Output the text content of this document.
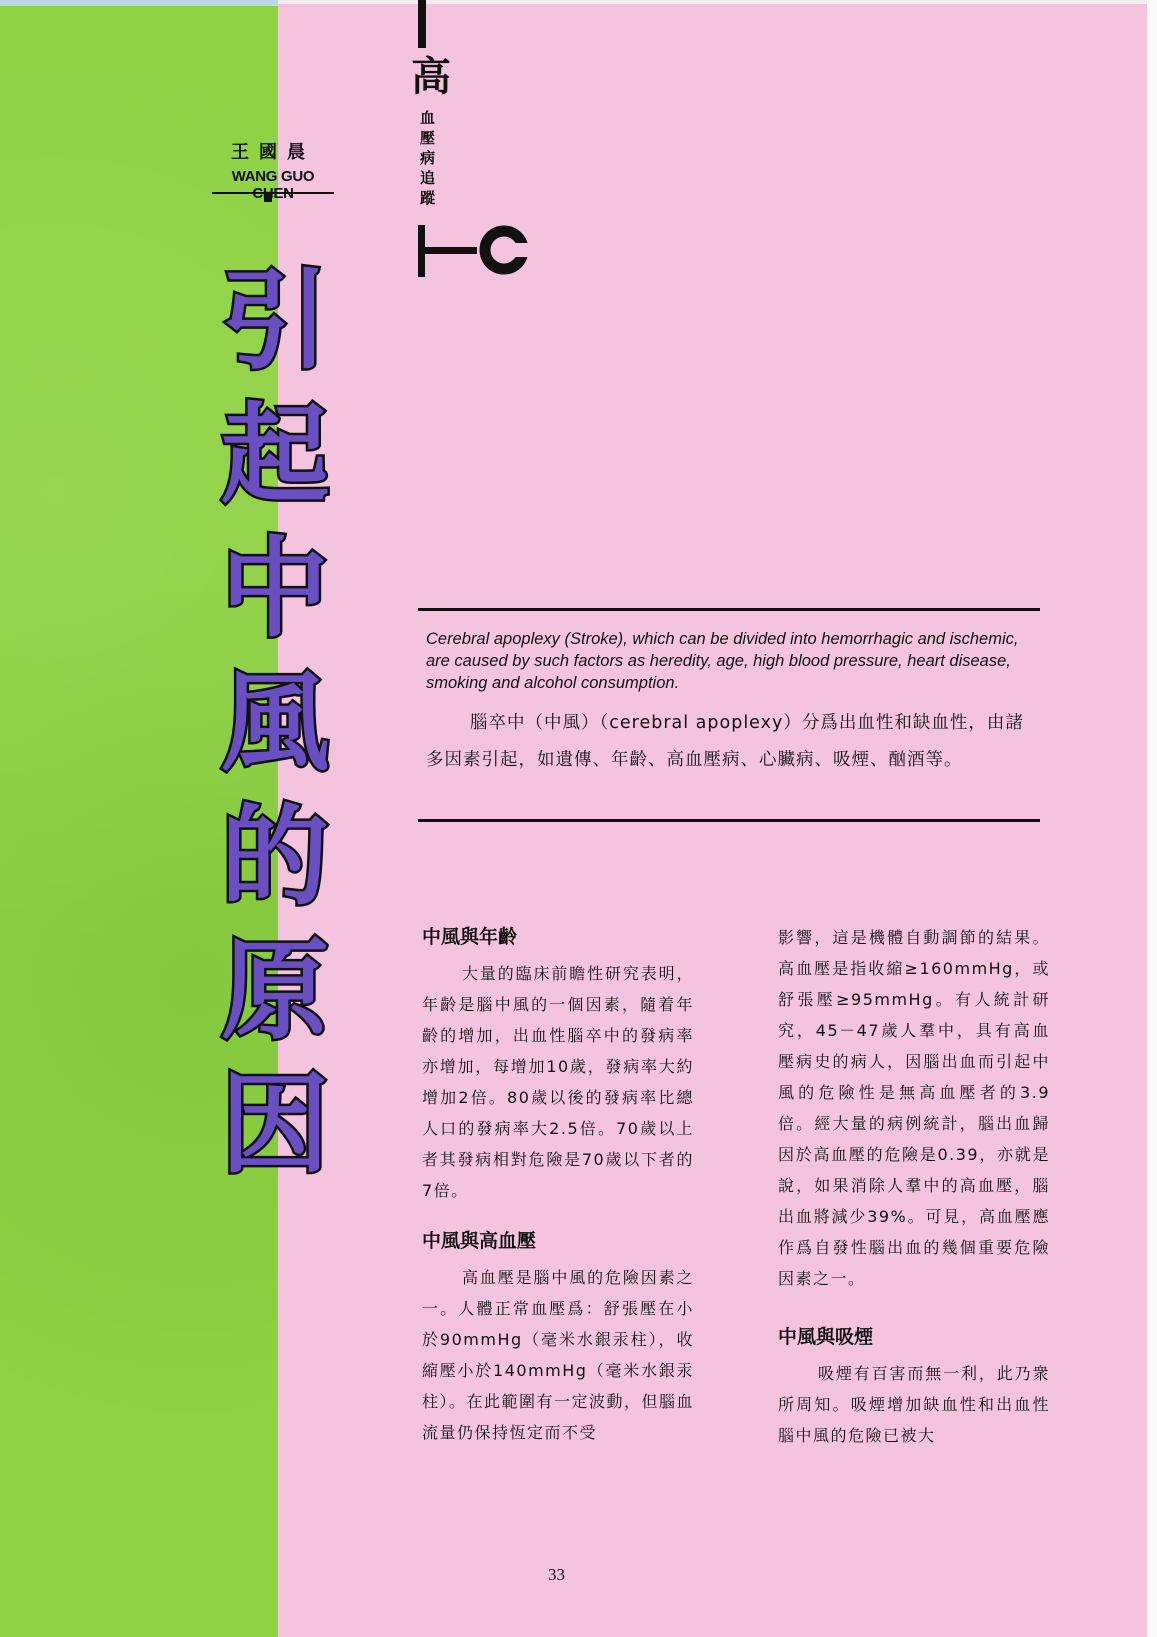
王國晨
WANG GUO
引
起
中
風
的
原
因
高
血
壓
病
追
蹤
Cerebral apoplexy (Stroke), which can be divided into hemorrhagic and ischemic, are caused by such factors as heredity, age, high blood pressure, heart disease, smoking and alcohol consumption.
腦卒中（中風）（cerebral apoplexy）分爲出血性和缺血性，由諸多因素引起，如遺傳、年齡、高血壓病、心臟病、吸煙、酗酒等。
中風與年齡

大量的臨床前瞻性研究表明，年齡是腦中風的一個因素，隨着年齡的增加，出血性腦卒中的發病率亦增加，每增加10歲，發病率大約增加2倍。80歲以後的發病率比總人口的發病率大2.5倍。70歲以上者其發病相對危險是70歲以下者的7倍。

中風與高血壓

高血壓是腦中風的危險因素之一。人體正常血壓爲：舒張壓在小於90mmHg（毫米水銀汞柱），收縮壓小於140mmHg（毫米水銀汞柱）。在此範圍有一定波動，但腦血流量仍保持恆定而不受

影響，這是機體自動調節的結果。高血壓是指收縮≥160mmHg，或舒張壓≥95mmHg。有人統計研究，45－47歲人羣中，具有高血壓病史的病人，因腦出血而引起中風的危險性是無高血壓者的3.9倍。經大量的病例統計，腦出血歸因於高血壓的危險是0.39，亦就是說，如果消除人羣中的高血壓，腦出血將減少39%。可見，高血壓應作爲自發性腦出血的幾個重要危險因素之一。

中風與吸煙

吸煙有百害而無一利，此乃衆所周知。吸煙增加缺血性和出血性腦中風的危險已被大

33
